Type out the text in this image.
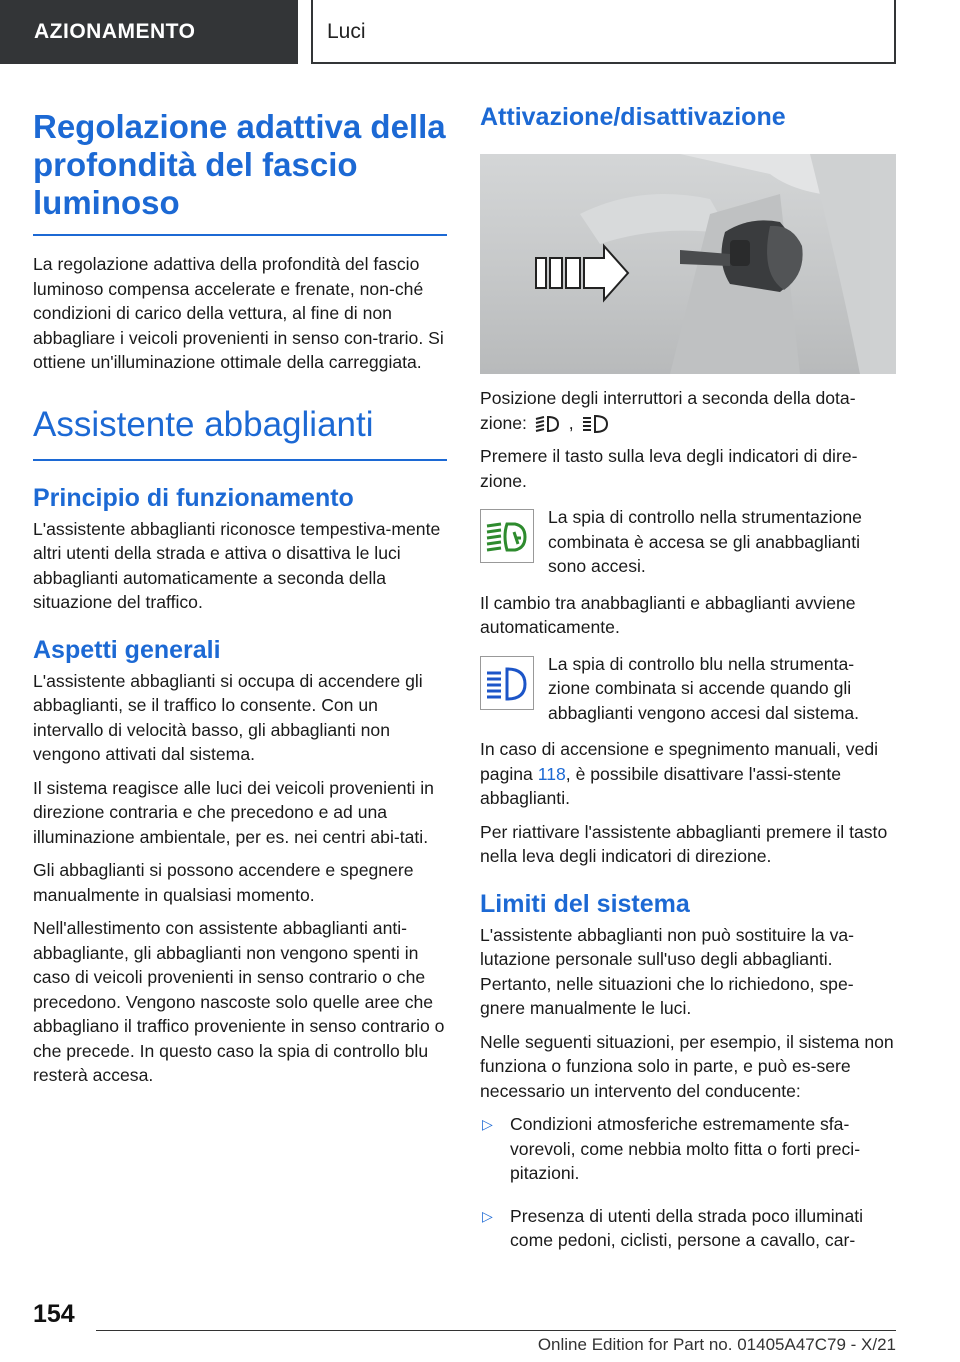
AZIONAMENTO	Luci
Regolazione adattiva della profondità del fascio luminoso

La regolazione adattiva della profondità del fascio luminoso compensa accelerate e frenate, non-ché condizioni di carico della vettura, al fine di non abbagliare i veicoli provenienti in senso con-trario. Si ottiene un'illuminazione ottimale della carreggiata.

Assistente abbaglianti
Principio di funzionamento

L'assistente abbaglianti riconosce tempestiva-mente altri utenti della strada e attiva o disattiva le luci abbaglianti automaticamente a seconda della situazione del traffico.

Aspetti generali

L'assistente abbaglianti si occupa di accendere gli abbaglianti, se il traffico lo consente. Con un intervallo di velocità basso, gli abbaglianti non vengono attivati dal sistema.

Il sistema reagisce alle luci dei veicoli provenienti in direzione contraria e che precedono e ad una illuminazione ambientale, per es. nei centri abi-tati.

Gli abbaglianti si possono accendere e spegnere manualmente in qualsiasi momento.

Nell'allestimento con assistente abbaglianti anti-abbagliante, gli abbaglianti non vengono spenti in caso di veicoli provenienti in senso contrario o che precedono. Vengono nascoste solo quelle aree che abbagliano il traffico proveniente in senso contrario o che precede. In questo caso la spia di controllo blu resterà accesa.

Attivazione/disattivazione

Posizione degli interruttori a seconda della dota-zione: ,

Premere il tasto sulla leva degli indicatori di dire-zione.

La spia di controllo nella strumentazione combinata è accesa se gli anabbaglianti sono accesi.

Il cambio tra anabbaglianti e abbaglianti avviene automaticamente.

La spia di controllo blu nella strumenta-zione combinata si accende quando gli abbaglianti vengono accesi dal sistema.

In caso di accensione e spegnimento manuali, vedi pagina 118, è possibile disattivare l'assi-stente abbaglianti.

Per riattivare l'assistente abbaglianti premere il tasto nella leva degli indicatori di direzione.

Limiti del sistema

L'assistente abbaglianti non può sostituire la va-lutazione personale sull'uso degli abbaglianti. Pertanto, nelle situazioni che lo richiedono, spe-gnere manualmente le luci.

Nelle seguenti situazioni, per esempio, il sistema non funziona o funziona solo in parte, e può es-sere necessario un intervento del conducente:

▷ Condizioni atmosferiche estremamente sfa-vorevoli, come nebbia molto fitta o forti preci-pitazioni.

▷ Presenza di utenti della strada poco illuminati come pedoni, ciclisti, persone a cavallo, car-

154
Online Edition for Part no. 01405A47C79 - X/21
